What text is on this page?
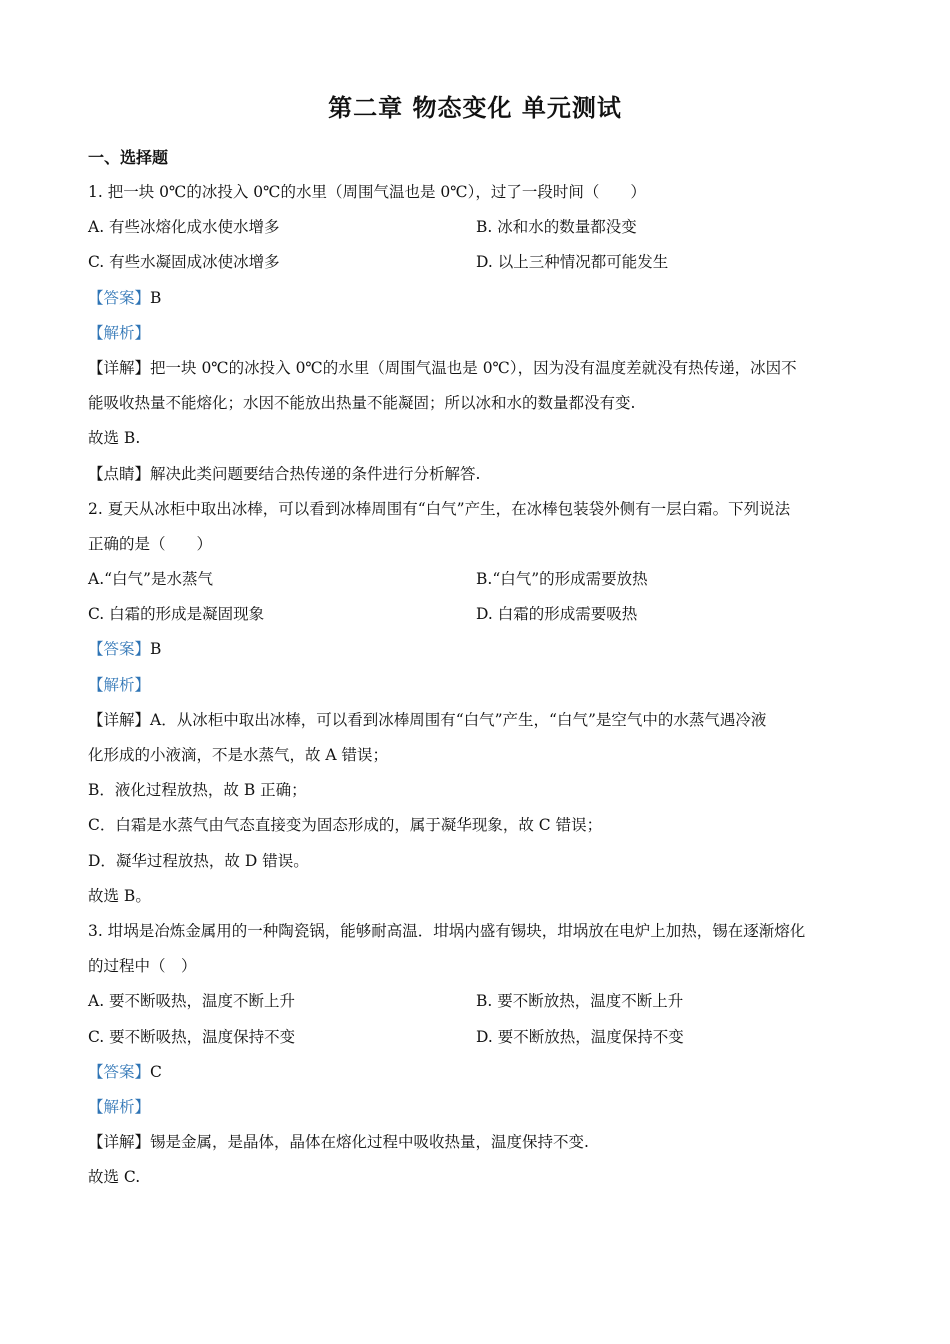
第二章 物态变化 单元测试
一、选择题
1. 把一块 0℃的冰投入 0℃的水里（周围气温也是 0℃），过了一段时间（　　）
A. 有些冰熔化成水使水增多	B. 冰和水的数量都没变
C. 有些水凝固成冰使冰增多	D. 以上三种情况都可能发生
【答案】B
【解析】
【详解】把一块 0℃的冰投入 0℃的水里（周围气温也是 0℃），因为没有温度差就没有热传递，冰因不
能吸收热量不能熔化；水因不能放出热量不能凝固；所以冰和水的数量都没有变.
故选 B.
【点睛】解决此类问题要结合热传递的条件进行分析解答.
2. 夏天从冰柜中取出冰棒，可以看到冰棒周围有“白气”产生，在冰棒包装袋外侧有一层白霜。下列说法
正确的是（　　）
A.“白气”是水蒸气	B.“白气”的形成需要放热
C. 白霜的形成是凝固现象	D. 白霜的形成需要吸热
【答案】B
【解析】
【详解】A．从冰柜中取出冰棒，可以看到冰棒周围有“白气”产生，“白气”是空气中的水蒸气遇冷液
化形成的小液滴，不是水蒸气，故 A 错误；
B．液化过程放热，故 B 正确；
C．白霜是水蒸气由气态直接变为固态形成的，属于凝华现象，故 C 错误；
D．凝华过程放热，故 D 错误。
故选 B。
3. 坩埚是冶炼金属用的一种陶瓷锅，能够耐高温．坩埚内盛有锡块，坩埚放在电炉上加热，锡在逐渐熔化
的过程中（　）
A. 要不断吸热，温度不断上升	B. 要不断放热，温度不断上升
C. 要不断吸热，温度保持不变	D. 要不断放热，温度保持不变
【答案】C
【解析】
【详解】锡是金属，是晶体，晶体在熔化过程中吸收热量，温度保持不变.
故选 C.
